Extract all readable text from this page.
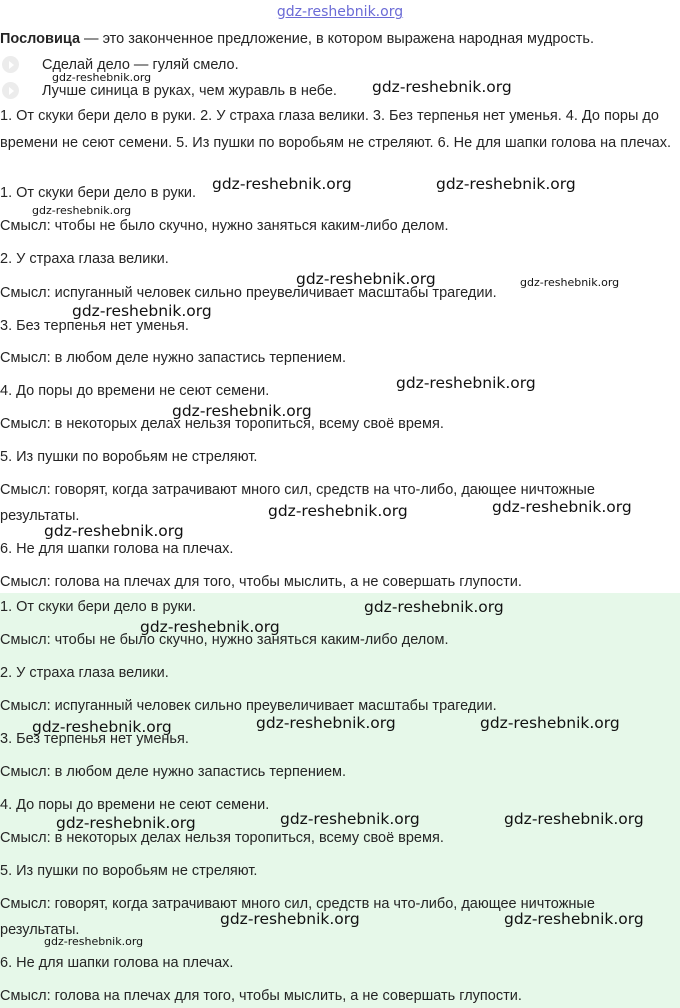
gdz-reshebnik.org
Пословица — это законченное предложение, в котором выражена народная мудрость.
Сделай дело — гуляй смело.
Лучше синица в руках, чем журавль в небе.
1. От скуки бери дело в руки. 2. У страха глаза велики. 3. Без терпенья нет уменья. 4. До поры до времени не сеют семени. 5. Из пушки по воробьям не стреляют. 6. Не для шапки голова на плечах.
1. От скуки бери дело в руки.
Смысл: чтобы не было скучно, нужно заняться каким-либо делом.
2. У страха глаза велики.
Смысл: испуганный человек сильно преувеличивает масштабы трагедии.
3. Без терпенья нет уменья.
Смысл: в любом деле нужно запастись терпением.
4. До поры до времени не сеют семени.
Смысл: в некоторых делах нельзя торопиться, всему своё время.
5. Из пушки по воробьям не стреляют.
Смысл: говорят, когда затрачивают много сил, средств на что-либо, дающее ничтожные
результаты.
6. Не для шапки голова на плечах.
Смысл: голова на плечах для того, чтобы мыслить, а не совершать глупости.
1. От скуки бери дело в руки.
Смысл: чтобы не было скучно, нужно заняться каким-либо делом.
2. У страха глаза велики.
Смысл: испуганный человек сильно преувеличивает масштабы трагедии.
3. Без терпенья нет уменья.
Смысл: в любом деле нужно запастись терпением.
4. До поры до времени не сеют семени.
Смысл: в некоторых делах нельзя торопиться, всему своё время.
5. Из пушки по воробьям не стреляют.
Смысл: говорят, когда затрачивают много сил, средств на что-либо, дающее ничтожные
результаты.
6. Не для шапки голова на плечах.
Смысл: голова на плечах для того, чтобы мыслить, а не совершать глупости.
gdz-reshebnik.org
gdz-reshebnik.org
gdz-reshebnik.org	gdz-reshebnik.org
gdz-reshebnik.org
gdz-reshebnik.org	gdz-reshebnik.org
gdz-reshebnik.org
gdz-reshebnik.org
gdz-reshebnik.org
gdz-reshebnik.org	gdz-reshebnik.org
gdz-reshebnik.org
gdz-reshebnik.org
gdz-reshebnik.org
gdz-reshebnik.org	gdz-reshebnik.org	gdz-reshebnik.org
gdz-reshebnik.org	gdz-reshebnik.org	gdz-reshebnik.org
gdz-reshebnik.org	gdz-reshebnik.org
gdz-reshebnik.org
